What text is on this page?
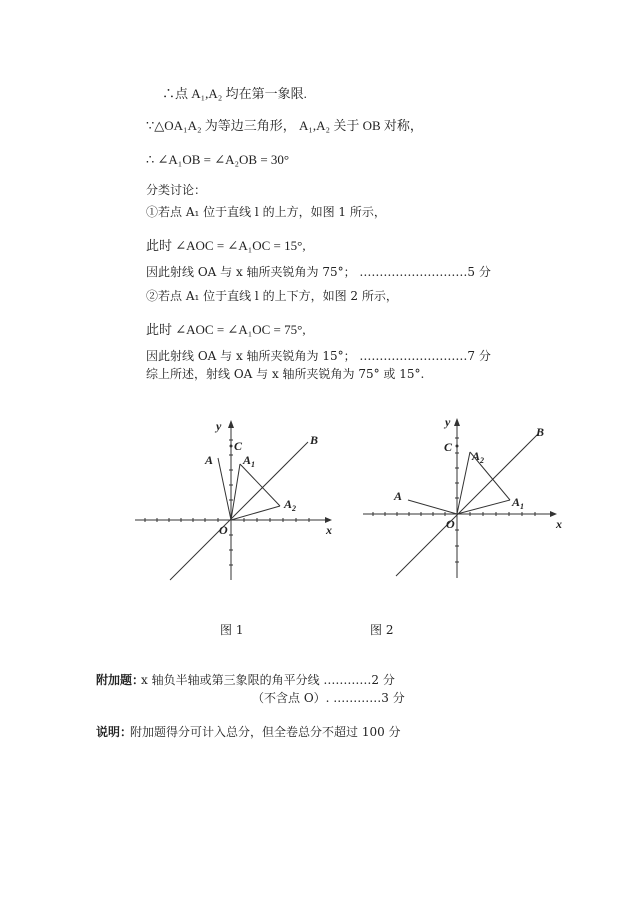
∴点 A₁,A₂ 均在第一象限.
∵△OA₁A₂ 为等边三角形， A₁,A₂ 关于 OB 对称，
∴ ∠A₁OB = ∠A₂OB = 30°
分类讨论：
①若点 A₁ 位于直线 l 的上方，如图 1 所示，
此时 ∠AOC = ∠A₁OC = 15°,
因此射线 OA 与 x 轴所夹锐角为 75°； ………………………5 分
②若点 A₁ 位于直线 l 的上下方，如图 2 所示，
此时 ∠AOC = ∠A₁OC = 75°,
因此射线 OA 与 x 轴所夹锐角为 15°； ………………………7 分
综上所述，射线 OA 与 x 轴所夹锐角为 75° 或 15°.
y
x
O
A
C
$A_1$
$A_2$
B
图 1
y
x
O
A
C
$A_2$
$A_1$
B
图 2
附加题：
x 轴负半轴或第三象限的角平分线 …………2 分
（不含点 O）. …………3 分
说明：
附加题得分可计入总分，但全卷总分不超过 100 分
